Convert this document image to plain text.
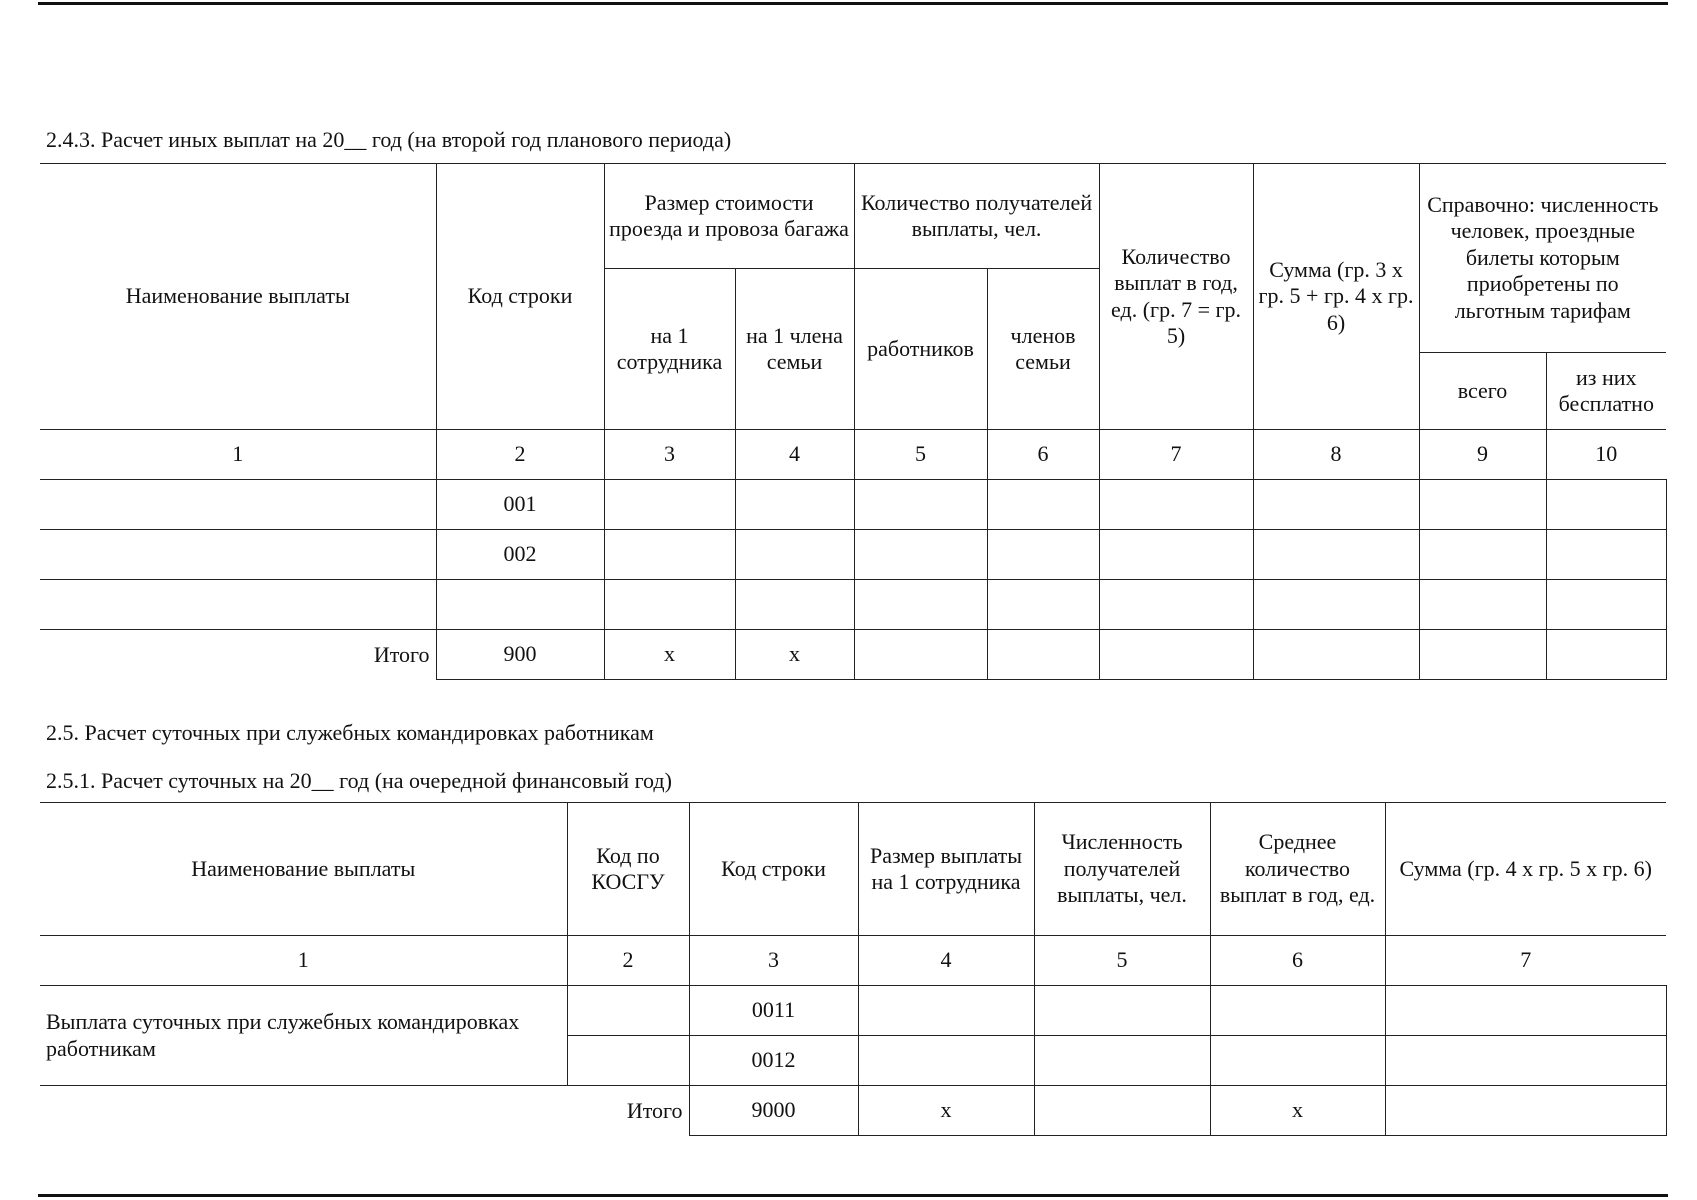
2.4.3. Расчет иных выплат на 20__ год (на второй год планового периода)
Наименование выплаты	Код строки	Размер стоимости проезда и провоза багажа		Количество получателей выплаты, чел.		Количество выплат в год, ед. (гр. 7 = гр. 5)	Сумма (гр. 3 х гр. 5 + гр. 4 х гр. 6)	Справочно: численность человек, проездные билеты которым приобретены по льготным тарифам	
		на 1 сотрудника	на 1 члена семьи	работников	членов семьи				
								всего	из них бесплатно
1	2	3	4	5	6	7	8	9	10
	001								
	002								

Итого	900	х	х						
2.5. Расчет суточных при служебных командировках работникам
2.5.1. Расчет суточных на 20__ год (на очередной финансовый год)
Наименование выплаты	Код по КОСГУ	Код строки	Размер выплаты на 1 сотрудника	Численность получателей выплаты, чел.	Среднее количество выплат в год, ед.	Сумма (гр. 4 х гр. 5 х гр. 6)
1	2	3	4	5	6	7
Выплата суточных при служебных командировках работникам		0011				
		0012				
Итого		9000	х		х	
